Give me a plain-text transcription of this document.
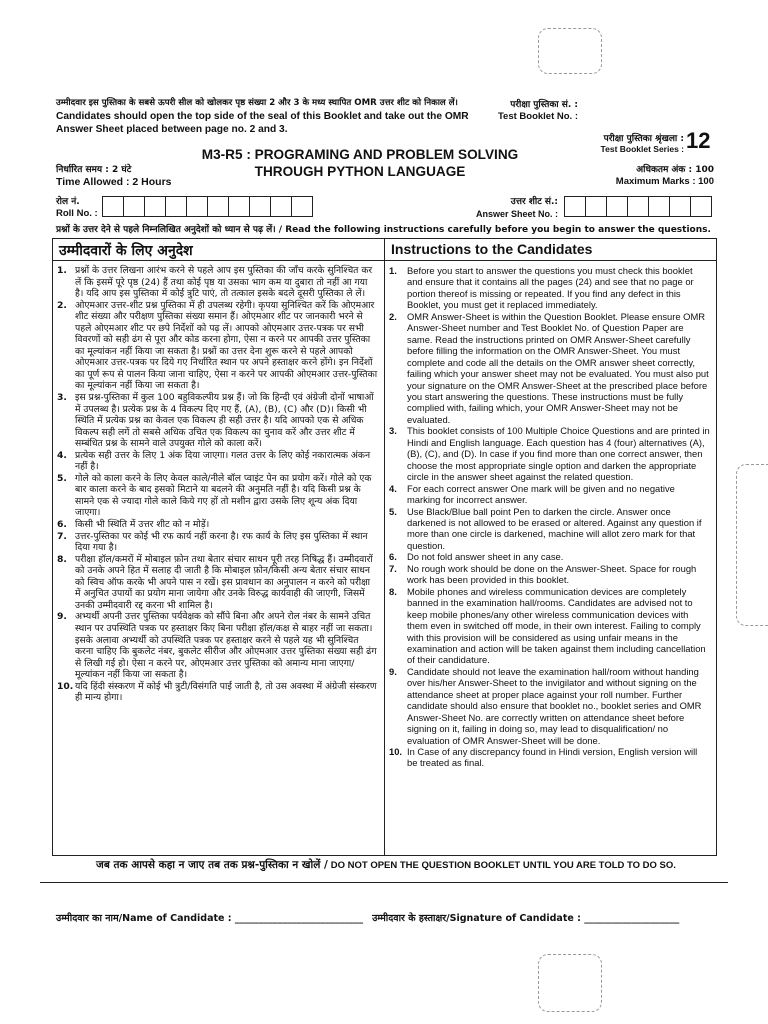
उम्मीदवार इस पुस्तिका के सबसे ऊपरी सील को खोलकर पृष्ठ संख्या 2 और 3 के मध्य स्थापित OMR उत्तर शीट को निकाल लें।
Candidates should open the top side of the seal of this Booklet and take out the OMR Answer Sheet placed between page no. 2 and 3.
परीक्षा पुस्तिका सं. :
Test Booklet No. :
परीक्षा पुस्तिका श्रृंखला :
Test Booklet Series : 12
M3-R5 : PROGRAMING AND PROBLEM SOLVING
THROUGH PYTHON LANGUAGE
निर्धारित समय : 2 घंटे
Time Allowed : 2 Hours
अधिकतम अंक : 100
Maximum Marks : 100
रोल नं.
Roll No. :
उत्तर शीट सं.:
Answer Sheet No. :
प्रश्नों के उत्तर देने से पहले निम्नलिखित अनुदेशों को ध्यान से पढ़ लें। / Read the following instructions carefully before you begin to answer the questions.
उम्मीदवारों के लिए अनुदेश
1. प्रश्नों के उत्तर लिखना आरंभ करने से पहले आप इस पुस्तिका की जाँच करके सुनिश्चित कर लें कि इसमें पूरे पृष्ठ (24) हैं तथा कोई पृष्ठ या उसका भाग कम या दुबारा तो नहीं आ गया है। यदि आप इस पुस्तिका में कोई त्रुटि पाएं, तो तत्काल इसके बदले दूसरी पुस्तिका ले लें।
2. ओएमआर उत्तर-शीट प्रश्न पुस्तिका में ही उपलब्ध रहेगी। कृपया सुनिश्चित करें कि ओएमआर शीट संख्या और परीक्षण पुस्तिका संख्या समान हैं। ओएमआर शीट पर जानकारी भरने से पहले ओएमआर शीट पर छपे निर्देशों को पढ़ लें। आपको ओएमआर उत्तर-पत्रक पर सभी विवरणों को सही ढंग से पूरा और कोड करना होगा, ऐसा न करने पर आपकी उत्तर पुस्तिका का मूल्यांकन नहीं किया जा सकता है। प्रश्नों का उत्तर देना शुरू करने से पहले आपको ओएमआर उत्तर-पत्रक पर दिये गए निर्धारित स्थान पर अपने हस्ताक्षर करने होंगे। इन निर्देशों का पूर्ण रूप से पालन किया जाना चाहिए, ऐसा न करने पर आपकी ओएमआर उत्तर-पुस्तिका का मूल्यांकन नहीं किया जा सकता है।
3. इस प्रश्न-पुस्तिका में कुल 100 बहुविकल्पीय प्रश्न हैं। जो कि हिन्दी एवं अंग्रेजी दोनों भाषाओं में उपलब्ध है। प्रत्येक प्रश्न के 4 विकल्प दिए गए हैं, (A), (B), (C) और (D)। किसी भी स्थिति में प्रत्येक प्रश्न का केवल एक विकल्प ही सही उत्तर है। यदि आपको एक से अधिक विकल्प सही लगें तो सबसे अधिक उचित एक विकल्प का चुनाव करें और उत्तर शीट में सम्बंधित प्रश्न के सामने वाले उपयुक्त गोले को काला करें।
4. प्रत्येक सही उत्तर के लिए 1 अंक दिया जाएगा। गलत उत्तर के लिए कोई नकारात्मक अंकन नहीं है।
5. गोले को काला करने के लिए केवल काले/नीले बॉल प्वाइंट पेन का प्रयोग करें। गोले को एक बार काला करने के बाद इसको मिटाने या बदलने की अनुमति नहीं है। यदि किसी प्रश्न के सामने एक से ज्यादा गोले काले किये गए हों तो मशीन द्वारा उसके लिए शून्य अंक दिया जाएगा।
6. किसी भी स्थिति में उत्तर शीट को न मोड़ें।
7. उत्तर-पुस्तिका पर कोई भी रफ कार्य नहीं करना है। रफ कार्य के लिए इस पुस्तिका में स्थान दिया गया है।
8. परीक्षा हॉल/कमरों में मोबाइल फ़ोन तथा बेतार संचार साधन पूरी तरह निषिद्ध हैं। उम्मीदवारों को उनके अपने हित में सलाह दी जाती है कि मोबाइल फ़ोन/किसी अन्य बेतार संचार साधन को स्विच ऑफ करके भी अपने पास न रखें। इस प्रावधान का अनुपालन न करने को परीक्षा में अनुचित उपायों का प्रयोग माना जायेगा और उनके विरुद्ध कार्यवाही की जाएगी, जिसमें उनकी उम्मीदवारी रद्द करना भी शामिल है।
9. अभ्यर्थी अपनी उत्तर पुस्तिका पर्यवेक्षक को सौंपे बिना और अपने रोल नंबर के सामने उचित स्थान पर उपस्थिति पत्रक पर हस्ताक्षर किए बिना परीक्षा हॉल/कक्ष से बाहर नहीं जा सकता। इसके अलावा अभ्यर्थी को उपस्थिति पत्रक पर हस्ताक्षर करने से पहले यह भी सुनिश्चित करना चाहिए कि बुकलेट नंबर, बुकलेट सीरीज और ओएमआर उत्तर पुस्तिका संख्या सही ढंग से लिखी गई हो। ऐसा न करने पर, ओएमआर उत्तर पुस्तिका को अमान्य माना जाएगा/मूल्यांकन नहीं किया जा सकता है।
10. यदि हिंदी संस्करण में कोई भी त्रुटी/विसंगति पाई जाती है, तो उस अवस्था में अंग्रेजी संस्करण ही मान्य होगा।
Instructions to the Candidates
1.	Before you start to answer the questions you must check this booklet and ensure that it contains all the pages (24) and see that no page or portion thereof is missing or repeated. If you find any defect in this Booklet, you must get it replaced immediately.
2.	OMR Answer-Sheet is within the Question Booklet. Please ensure OMR Answer-Sheet number and Test Booklet No. of Question Paper are same. Read the instructions printed on OMR Answer-Sheet carefully before filling the information on the OMR Answer-Sheet. You must complete and code all the details on the OMR answer sheet correctly, failing which your answer sheet may not be evaluated. You must also put your signature on the OMR Answer-Sheet at the prescribed place before you start answering the questions. These instructions must be fully complied with, failing which, your OMR Answer-Sheet may not be evaluated.
3.	This booklet consists of 100 Multiple Choice Questions and are printed in Hindi and English language. Each question has 4 (four) alternatives (A), (B), (C), and (D). In case if you find more than one correct answer, then choose the most appropriate single option and darken the appropriate circle in the answer sheet against the related question.
4.	For each correct answer One mark will be given and no negative marking for incorrect answer.
5.	Use Black/Blue ball point Pen to darken the circle. Answer once darkened is not allowed to be erased or altered. Against any question if more than one circle is darkened, machine will allot zero mark for that question.
6.	Do not fold answer sheet in any case.
7.	No rough work should be done on the Answer-Sheet. Space for rough work has been provided in this booklet.
8.	Mobile phones and wireless communication devices are completely banned in the examination hall/rooms. Candidates are advised not to keep mobile phones/any other wireless communication devices with them even in switched off mode, in their own interest. Failing to comply with this provision will be considered as using unfair means in the examination and action will be taken against them including cancellation of their candidature.
9.	Candidate should not leave the examination hall/room without handing over his/her Answer-Sheet to the invigilator and without signing on the attendance sheet at proper place against your roll number. Further candidate should also ensure that booklet no., booklet series and OMR Answer-Sheet No. are correctly written on attendance sheet before signing on it, failing in doing so, may lead to disqualification/ no evaluation of OMR Answer-Sheet will be done.
10. In Case of any discrepancy found in Hindi version, English version will be treated as final.
जब तक आपसे कहा न जाए तब तक प्रश्न-पुस्तिका न खोलें / DO NOT OPEN THE QUESTION BOOKLET UNTIL YOU ARE TOLD TO DO SO.
उम्मीदवार का नाम/Name of Candidate : ___________________________ उम्मीदवार के हस्ताक्षर/Signature of Candidate : ____________________
